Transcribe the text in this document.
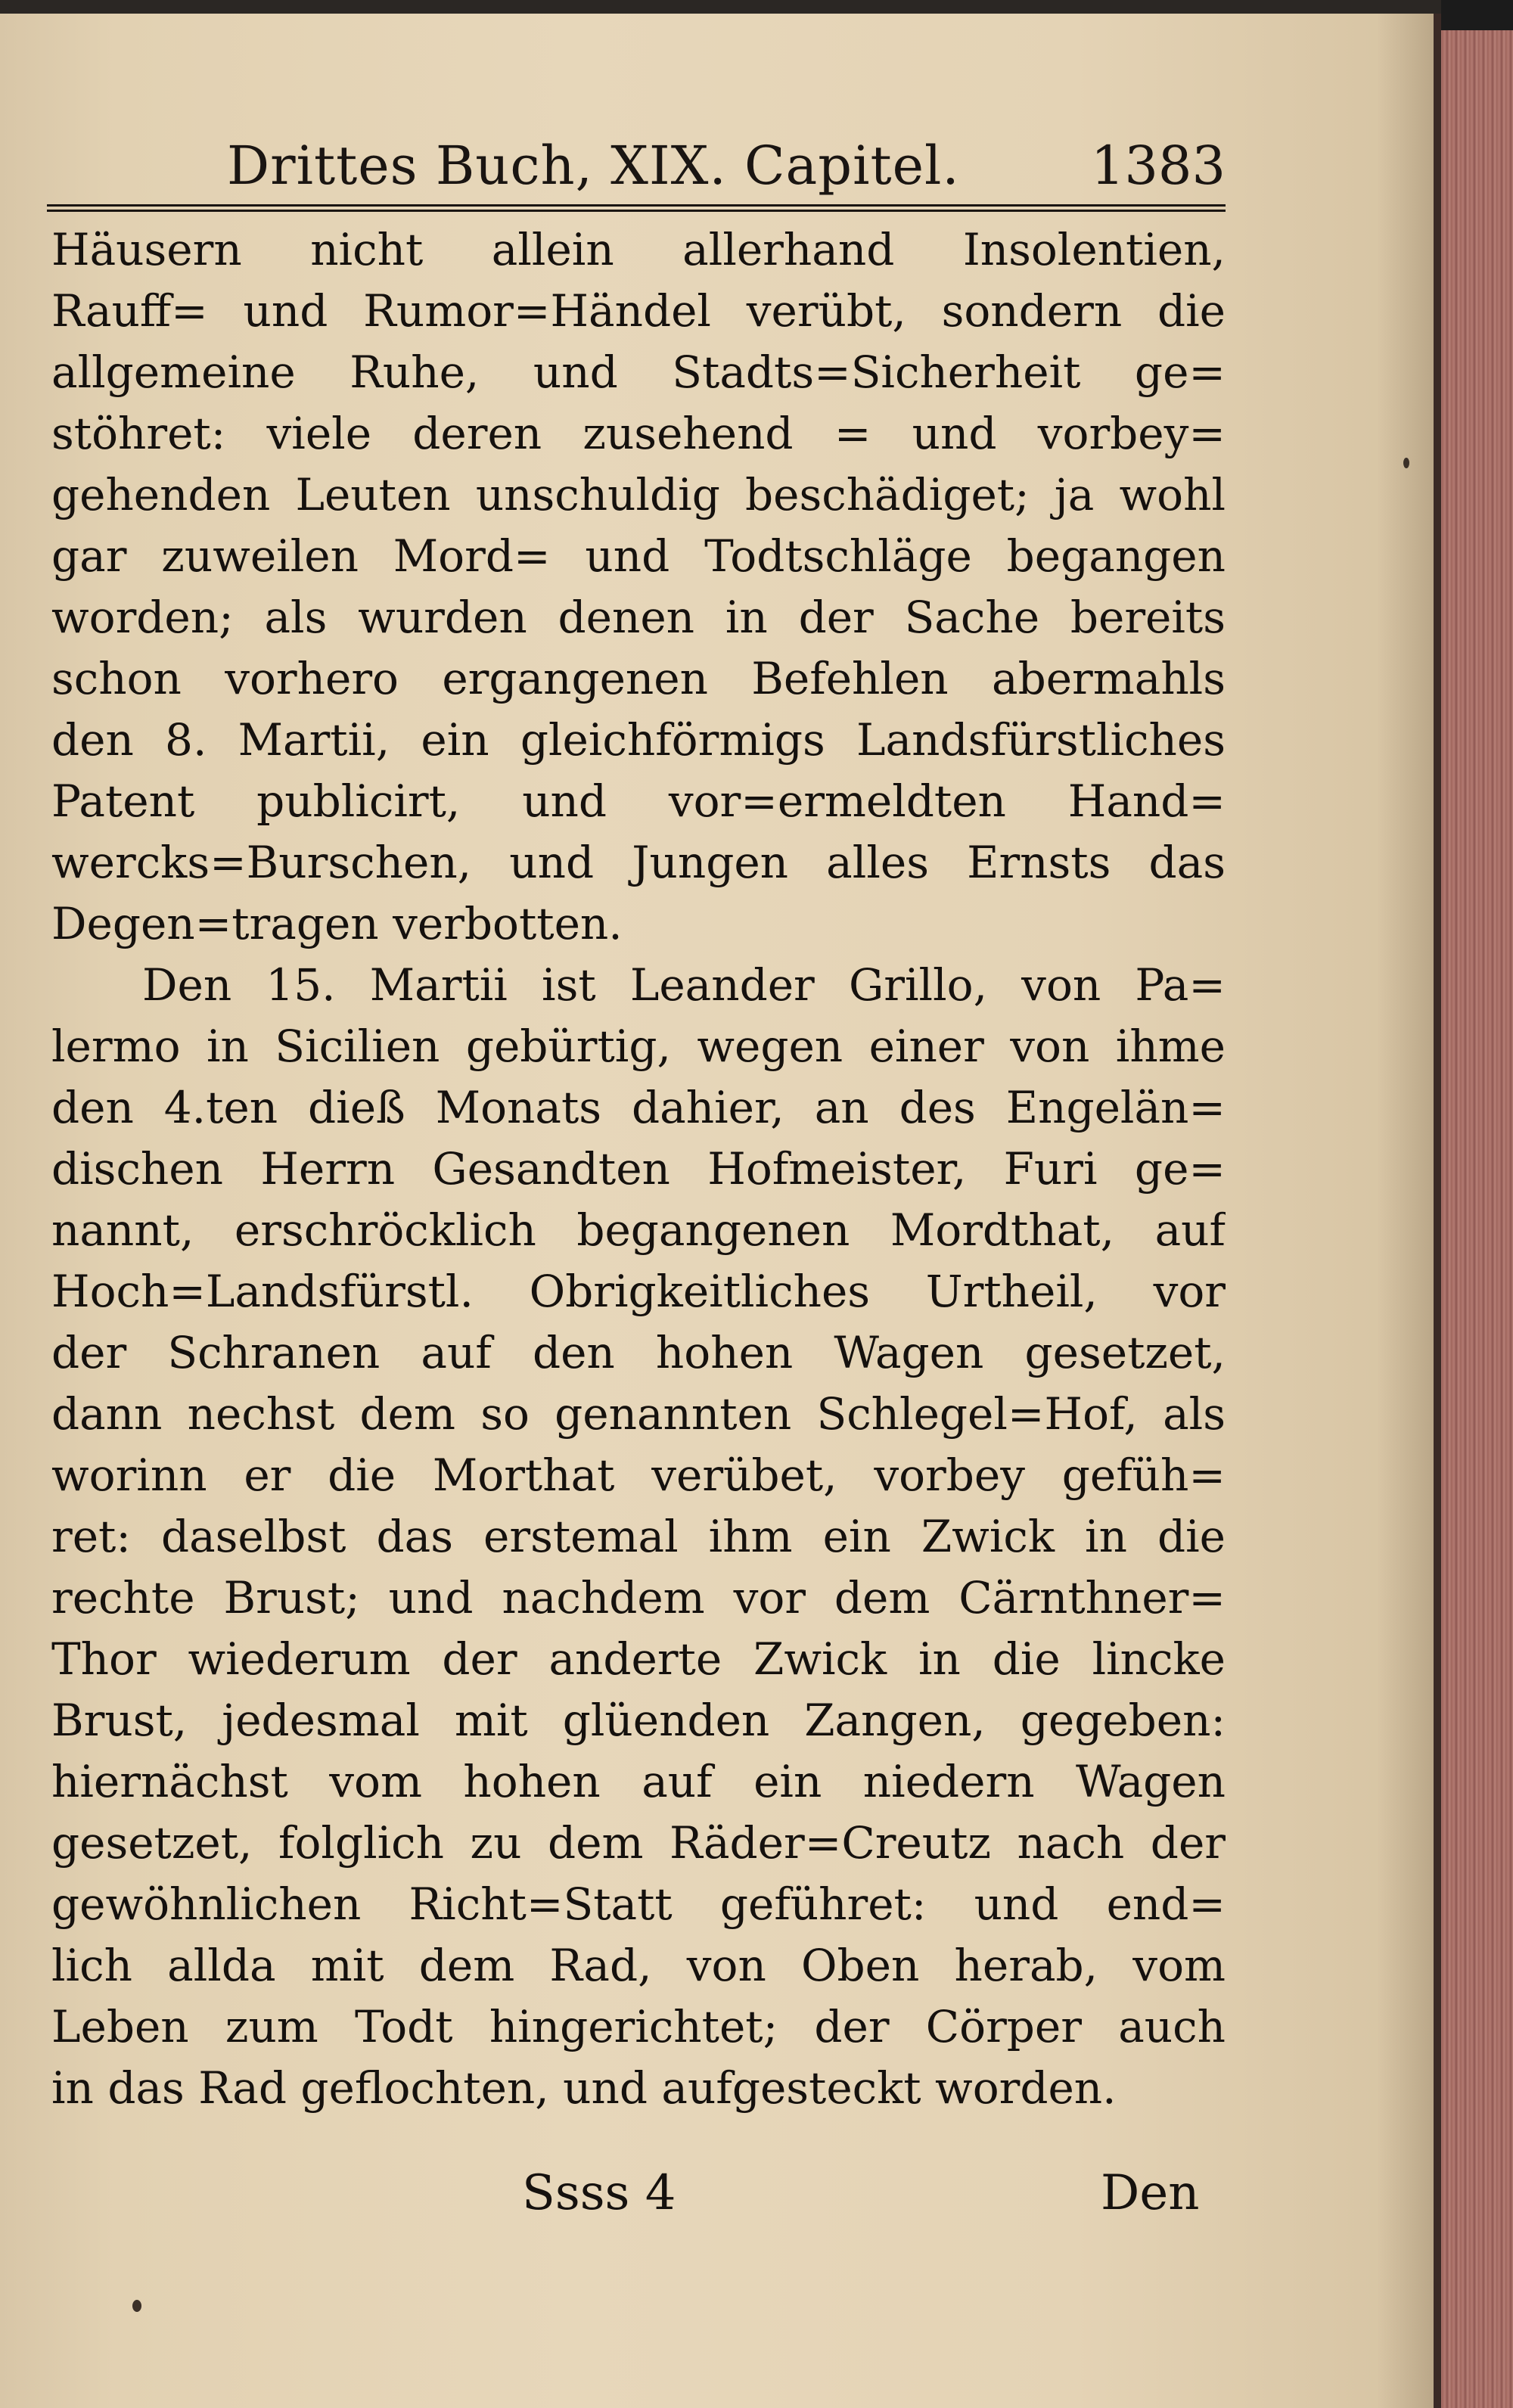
Drittes Buch, XIX. Capitel. 1383
Häusern nicht allein allerhand Insolentien,
Rauff= und Rumor=Händel verübt, sondern die
allgemeine Ruhe, und Stadts=Sicherheit ge=
stöhret: viele deren zusehend = und vorbey=
gehenden Leuten unschuldig beschädiget; ja wohl
gar zuweilen Mord= und Todtschläge begangen
worden; als wurden denen in der Sache bereits
schon vorhero ergangenen Befehlen abermahls
den 8. Martii, ein gleichförmigs Landsfürstliches
Patent publicirt, und vor=ermeldten Hand=
wercks=Burschen, und Jungen alles Ernsts das
Degen=tragen verbotten.
Den 15. Martii ist Leander Grillo, von Pa=
lermo in Sicilien gebürtig, wegen einer von ihme
den 4.ten dieß Monats dahier, an des Engelän=
dischen Herrn Gesandten Hofmeister, Furi ge=
nannt, erschröcklich begangenen Mordthat, auf
Hoch=Landsfürstl. Obrigkeitliches Urtheil, vor
der Schranen auf den hohen Wagen gesetzet,
dann nechst dem so genannten Schlegel=Hof, als
worinn er die Morthat verübet, vorbey gefüh=
ret: daselbst das erstemal ihm ein Zwick in die
rechte Brust; und nachdem vor dem Cärnthner=
Thor wiederum der anderte Zwick in die lincke
Brust, jedesmal mit glüenden Zangen, gegeben:
hiernächst vom hohen auf ein niedern Wagen
gesetzet, folglich zu dem Räder=Creutz nach der
gewöhnlichen Richt=Statt geführet: und end=
lich allda mit dem Rad, von Oben herab, vom
Leben zum Todt hingerichtet; der Cörper auch
in das Rad geflochten, und aufgesteckt worden.
Ssss 4	Den
